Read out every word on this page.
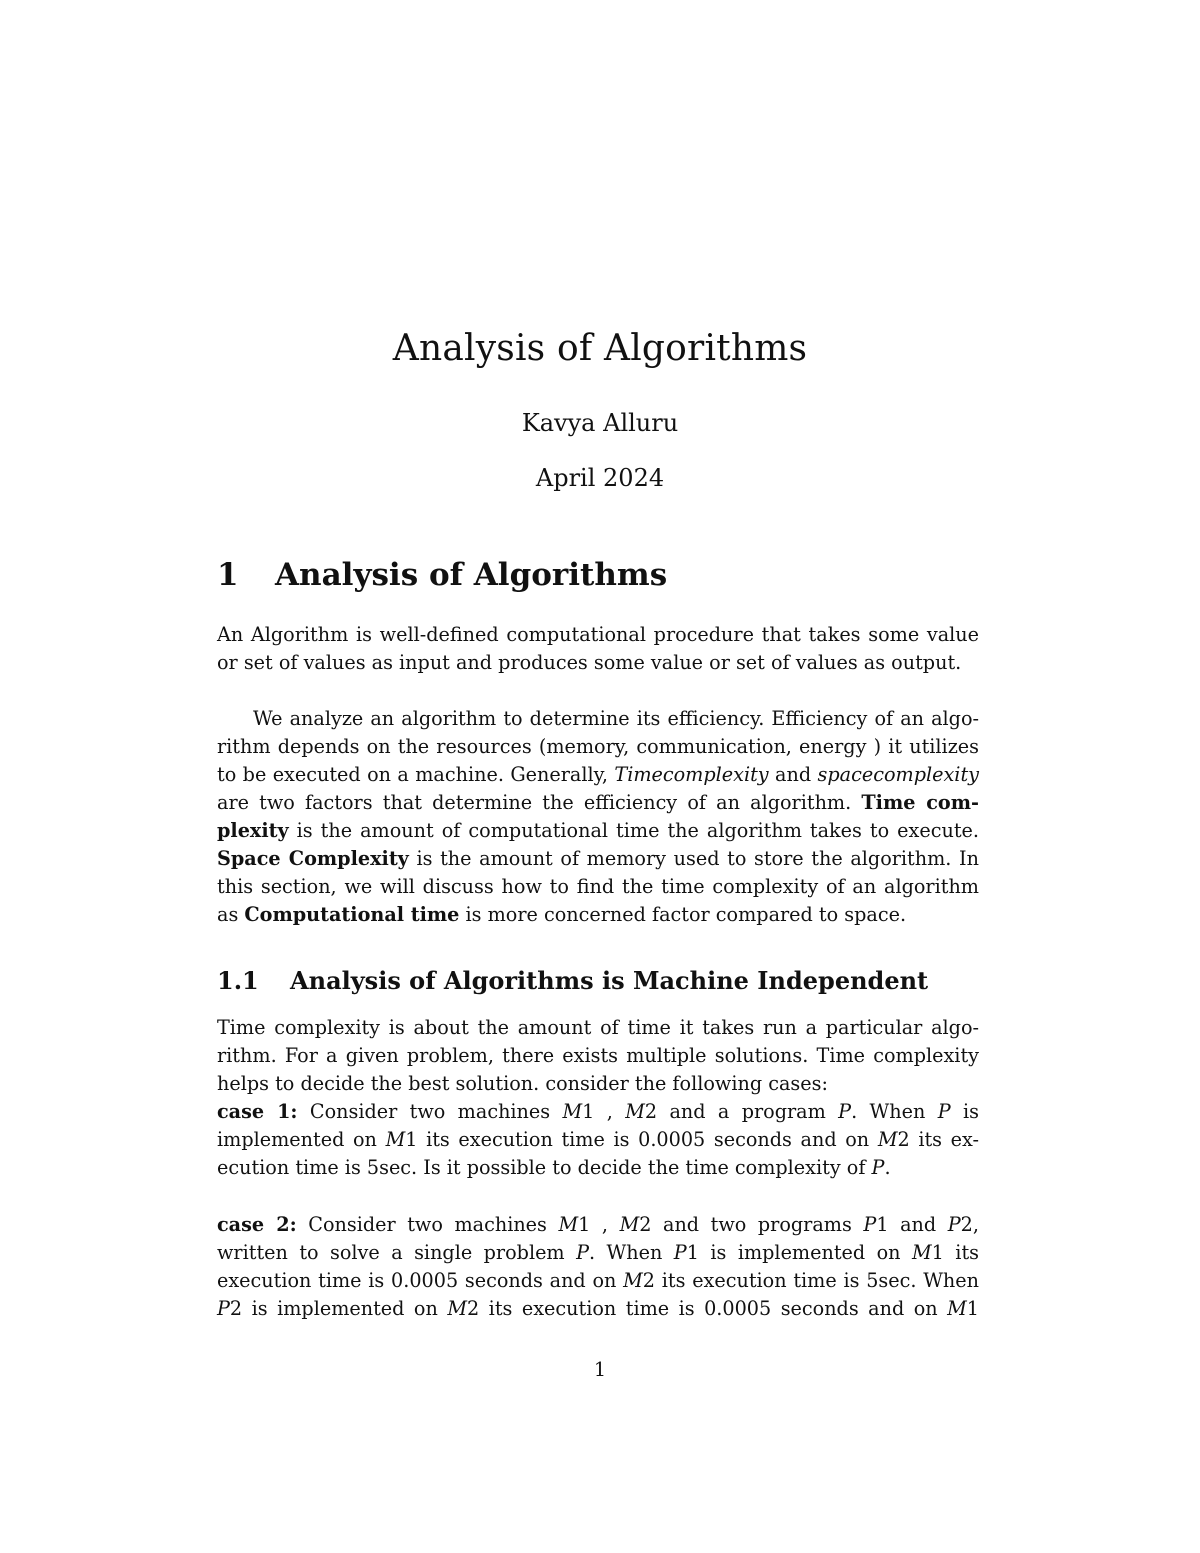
Analysis of Algorithms
Kavya Alluru
April 2024
1 Analysis of Algorithms
An Algorithm is well-defined computational procedure that takes some value
or set of values as input and produces some value or set of values as output.
We analyze an algorithm to determine its efficiency. Efficiency of an algo-
rithm depends on the resources (memory, communication, energy ) it utilizes
to be executed on a machine. Generally, Timecomplexity and spacecomplexity
are two factors that determine the efficiency of an algorithm. Time com-
plexity is the amount of computational time the algorithm takes to execute.
Space Complexity is the amount of memory used to store the algorithm. In
this section, we will discuss how to find the time complexity of an algorithm
as Computational time is more concerned factor compared to space.
1.1 Analysis of Algorithms is Machine Independent
Time complexity is about the amount of time it takes run a particular algo-
rithm. For a given problem, there exists multiple solutions. Time complexity
helps to decide the best solution. consider the following cases:
case 1: Consider two machines M1 , M2 and a program P. When P is
implemented on M1 its execution time is 0.0005 seconds and on M2 its ex-
ecution time is 5sec. Is it possible to decide the time complexity of P.
case 2: Consider two machines M1 , M2 and two programs P1 and P2,
written to solve a single problem P. When P1 is implemented on M1 its
execution time is 0.0005 seconds and on M2 its execution time is 5sec. When
P2 is implemented on M2 its execution time is 0.0005 seconds and on M1
1
